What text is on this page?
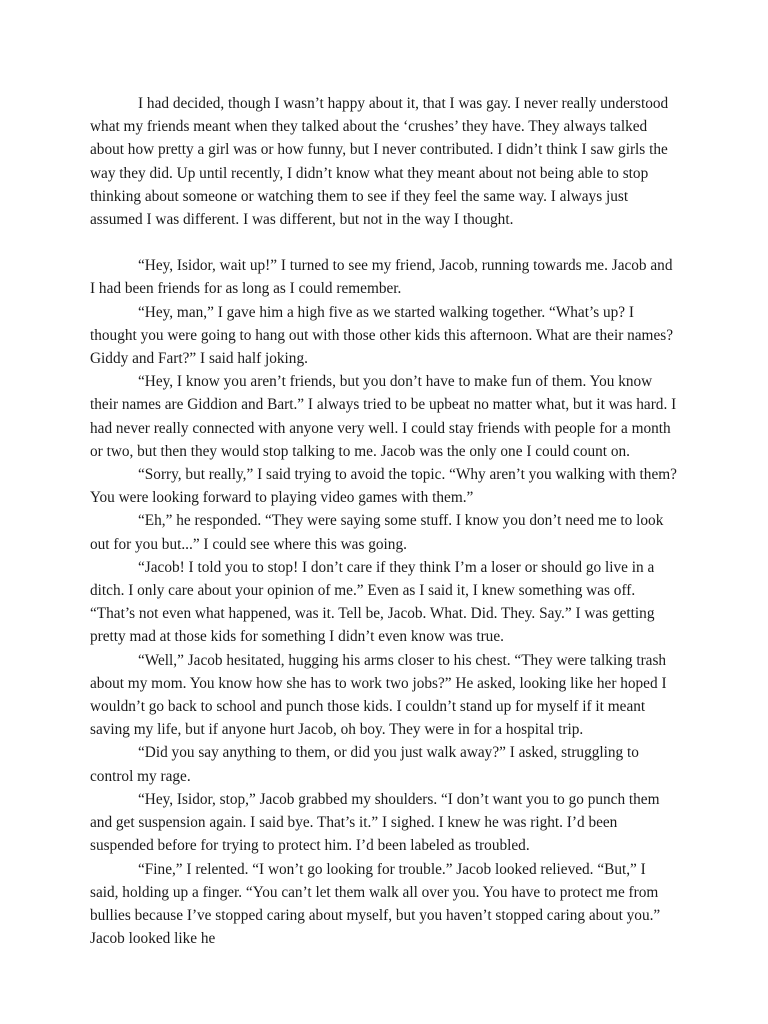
I had decided, though I wasn’t happy about it, that I was gay. I never really understood what my friends meant when they talked about the ‘crushes’ they have. They always talked about how pretty a girl was or how funny, but I never contributed. I didn’t think I saw girls the way they did. Up until recently, I didn’t know what they meant about not being able to stop thinking about someone or watching them to see if they feel the same way. I always just assumed I was different. I was different, but not in the way I thought.

“Hey, Isidor, wait up!” I turned to see my friend, Jacob, running towards me. Jacob and I had been friends for as long as I could remember.

“Hey, man,” I gave him a high five as we started walking together. “What’s up? I thought you were going to hang out with those other kids this afternoon. What are their names? Giddy and Fart?” I said half joking.

“Hey, I know you aren’t friends, but you don’t have to make fun of them. You know their names are Giddion and Bart.” I always tried to be upbeat no matter what, but it was hard. I had never really connected with anyone very well. I could stay friends with people for a month or two, but then they would stop talking to me. Jacob was the only one I could count on.

“Sorry, but really,” I said trying to avoid the topic. “Why aren’t you walking with them? You were looking forward to playing video games with them.”

“Eh,” he responded. “They were saying some stuff. I know you don’t need me to look out for you but...” I could see where this was going.

“Jacob! I told you to stop! I don’t care if they think I’m a loser or should go live in a ditch. I only care about your opinion of me.” Even as I said it, I knew something was off. “That’s not even what happened, was it. Tell be, Jacob. What. Did. They. Say.” I was getting pretty mad at those kids for something I didn’t even know was true.

“Well,” Jacob hesitated, hugging his arms closer to his chest. “They were talking trash about my mom. You know how she has to work two jobs?” He asked, looking like her hoped I wouldn’t go back to school and punch those kids. I couldn’t stand up for myself if it meant saving my life, but if anyone hurt Jacob, oh boy. They were in for a hospital trip.

“Did you say anything to them, or did you just walk away?” I asked, struggling to control my rage.

“Hey, Isidor, stop,” Jacob grabbed my shoulders. “I don’t want you to go punch them and get suspension again. I said bye. That’s it.” I sighed. I knew he was right. I’d been suspended before for trying to protect him. I’d been labeled as troubled.

“Fine,” I relented. “I won’t go looking for trouble.” Jacob looked relieved. “But,” I said, holding up a finger. “You can’t let them walk all over you. You have to protect me from bullies because I’ve stopped caring about myself, but you haven’t stopped caring about you.” Jacob looked like he
